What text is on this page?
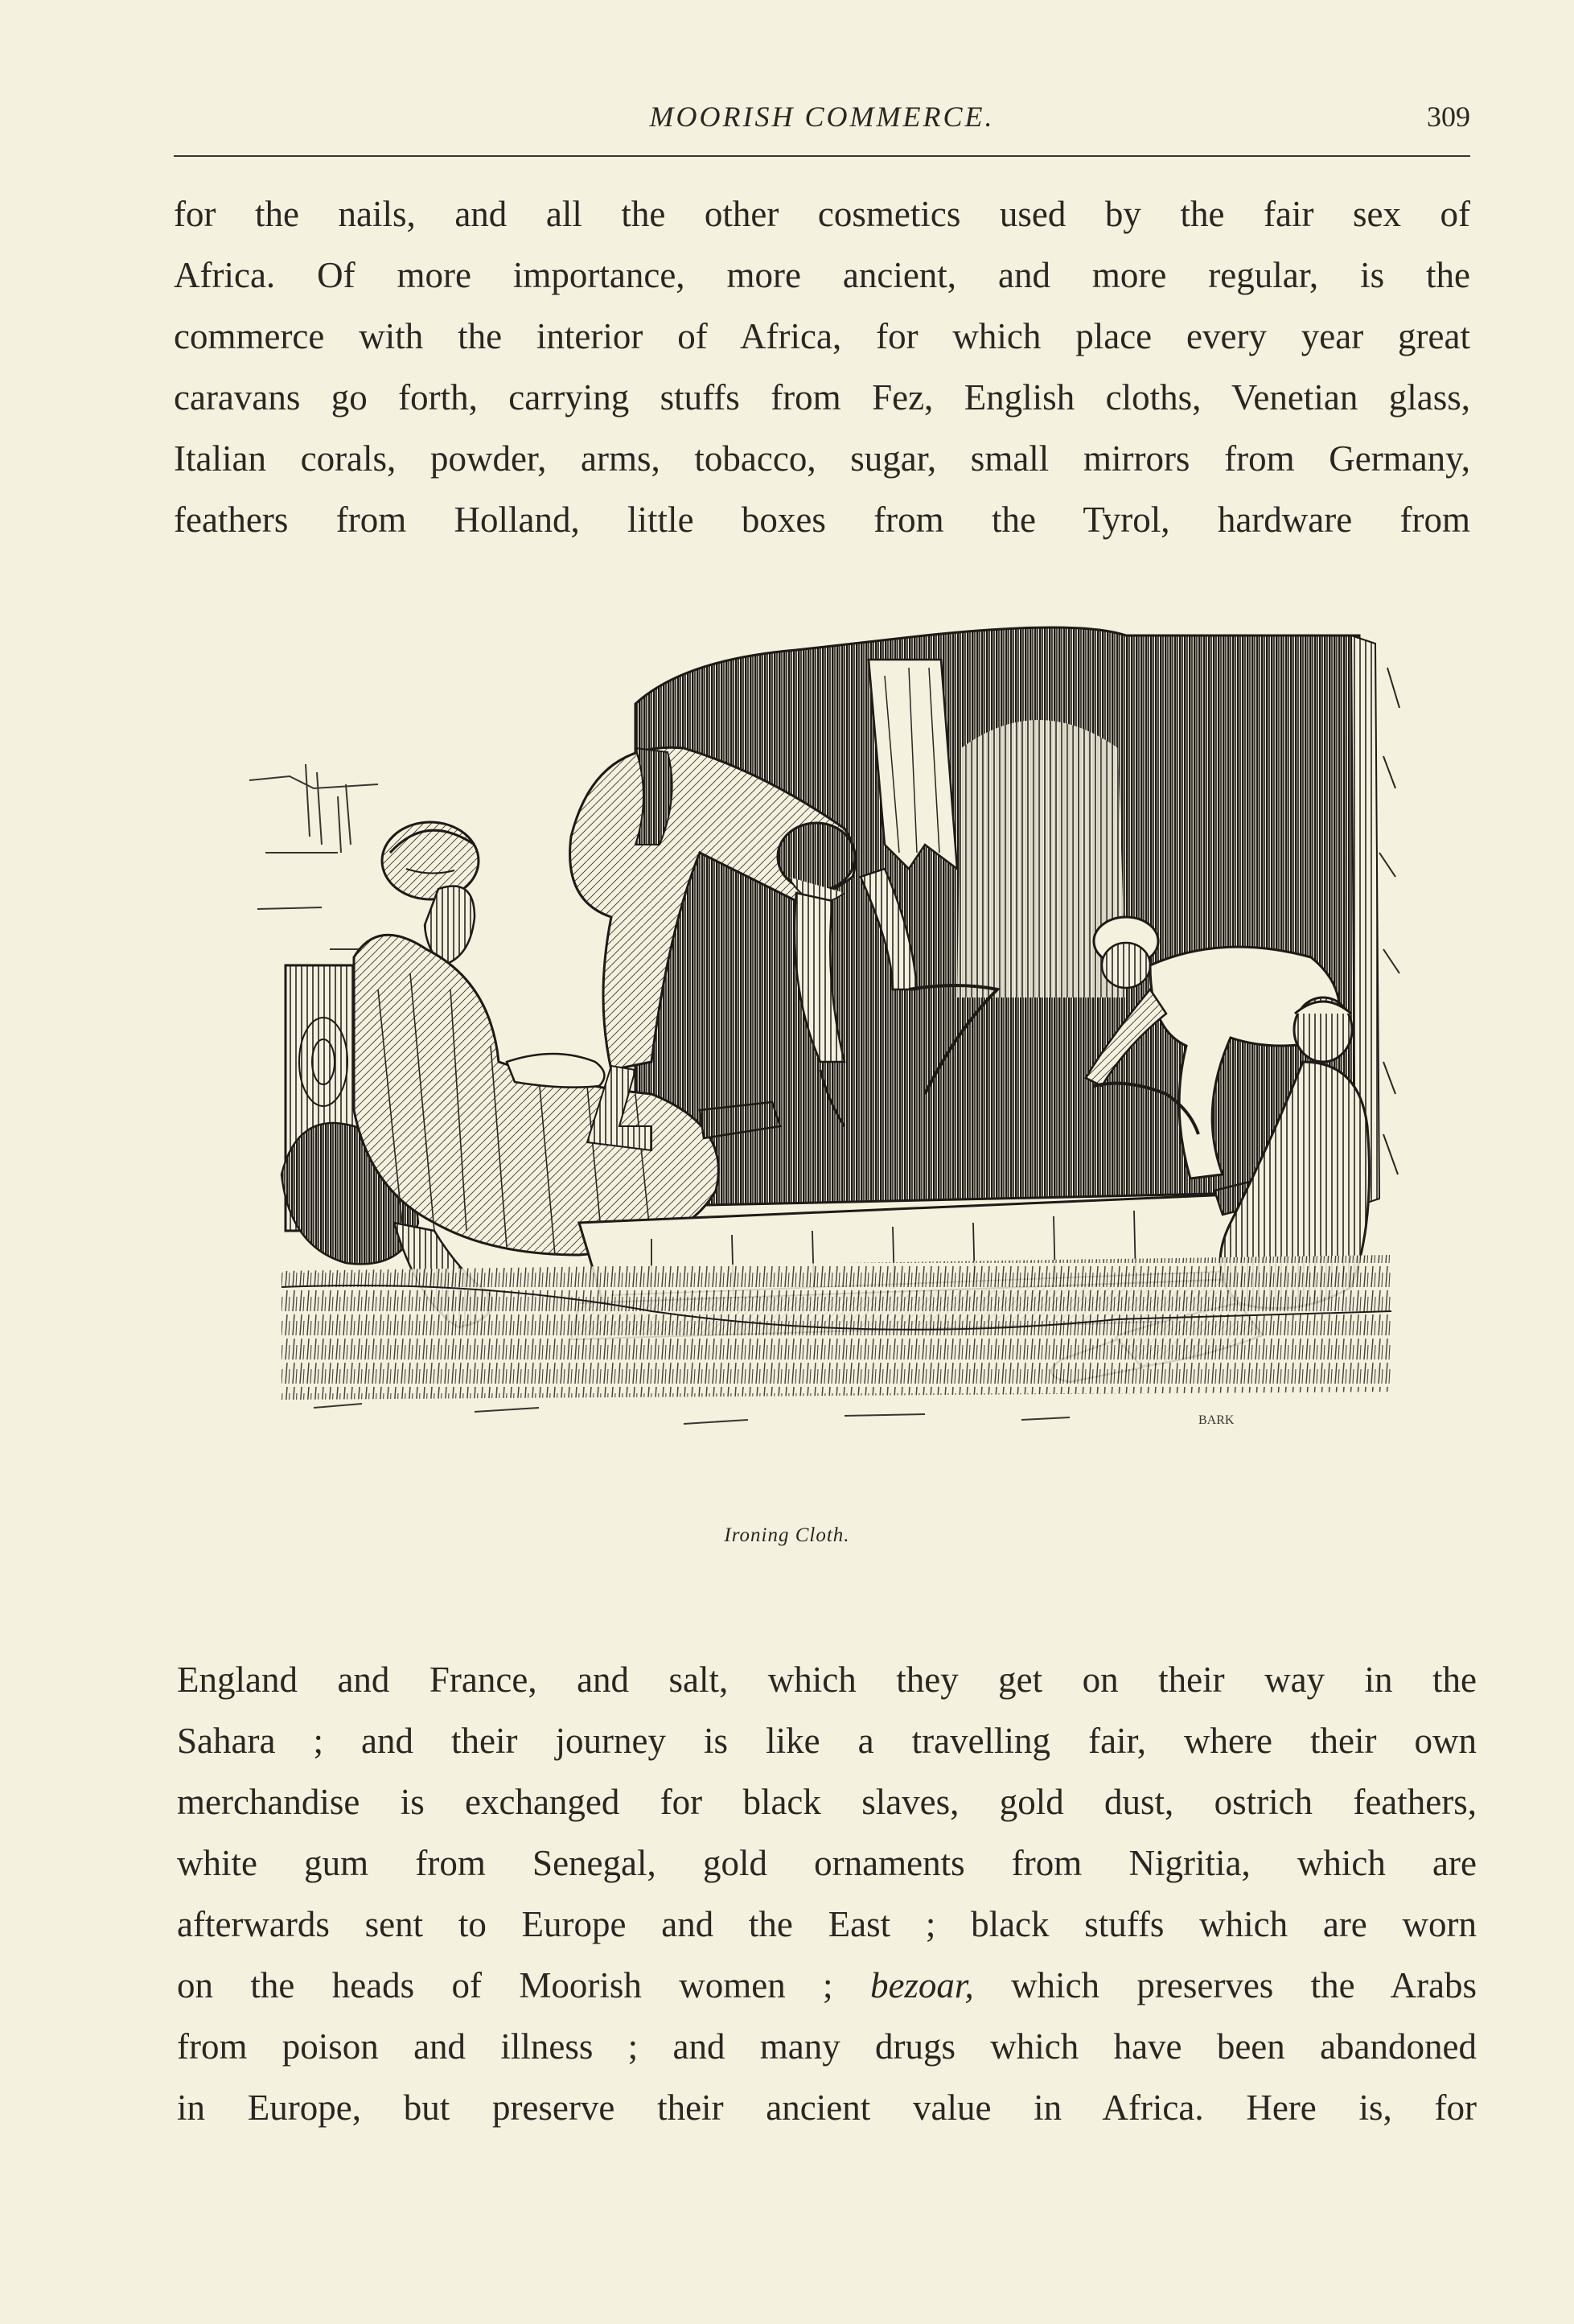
MOORISH COMMERCE.	309
for the nails, and all the other cosmetics used by the fair sex of
Africa. Of more importance, more ancient, and more regular, is the
commerce with the interior of Africa, for which place every year great
caravans go forth, carrying stuffs from Fez, English cloths, Venetian glass,
Italian corals, powder, arms, tobacco, sugar, small mirrors from Germany,
feathers from Holland, little boxes from the Tyrol, hardware from
BARK
Ironing Cloth.
England and France, and salt, which they get on their way in the
Sahara ; and their journey is like a travelling fair, where their own
merchandise is exchanged for black slaves, gold dust, ostrich feathers,
white gum from Senegal, gold ornaments from Nigritia, which are
afterwards sent to Europe and the East ; black stuffs which are worn
on the heads of Moorish women ; bezoar, which preserves the Arabs
from poison and illness ; and many drugs which have been abandoned
in Europe, but preserve their ancient value in Africa. Here is, for
